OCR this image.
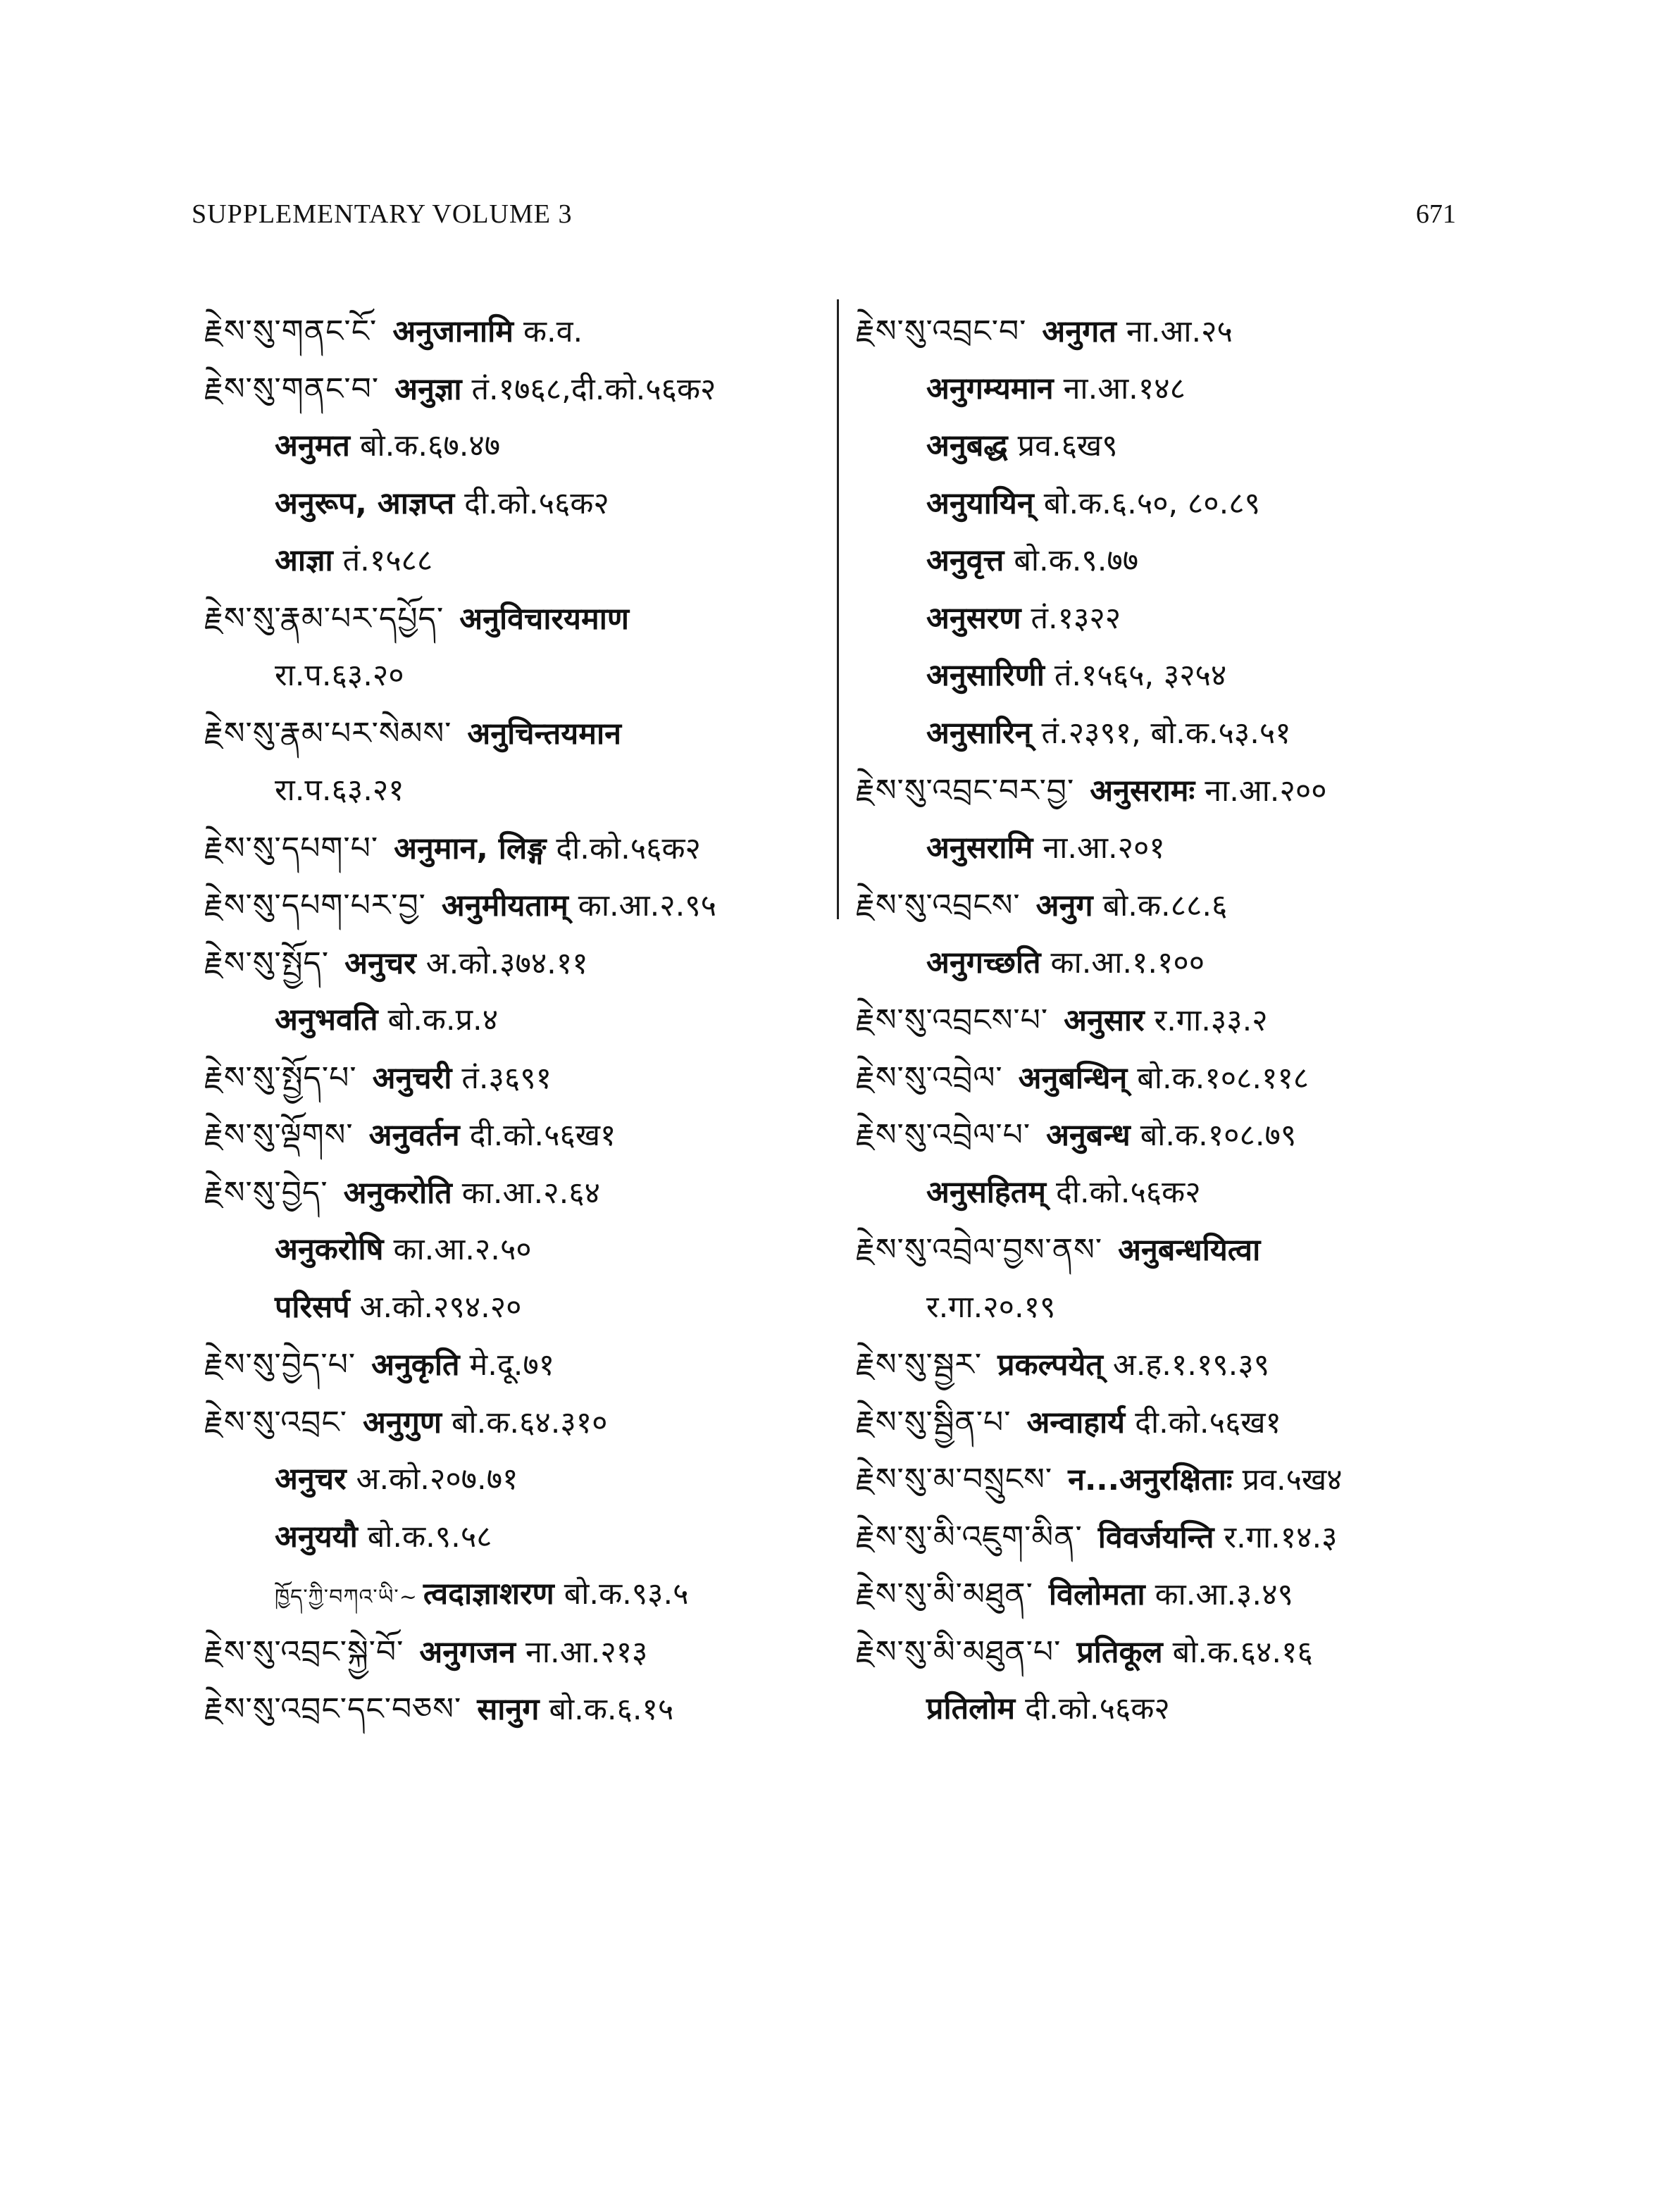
SUPPLEMENTARY VOLUME 3	671
རྗེས་སུ་གནང་ངོ་ अनुजानामि क.व.
རྗེས་སུ་གནང་བ་ अनुज्ञा तं.१७६८,दी.को.५६क२
अनुमत बो.क.६७.४७
अनुरूप, आज्ञप्त दी.को.५६क२
आज्ञा तं.१५८८
རྗེས་སུ་རྣམ་པར་དཔྱོད་ अनुविचारयमाण
रा.प.६३.२०
རྗེས་སུ་རྣམ་པར་སེམས་ अनुचिन्तयमान
रा.प.६३.२१
རྗེས་སུ་དཔག་པ་ अनुमान, लिङ्ग दी.को.५६क२
རྗེས་སུ་དཔག་པར་བྱ་ अनुमीयताम् का.आ.२.९५
རྗེས་སུ་སྤྱོད་ अनुचर अ.को.३७४.११
अनुभवति बो.क.प्र.४
རྗེས་སུ་སྤྱོད་པ་ अनुचरी तं.३६९१
རྗེས་སུ་ལྡོགས་ अनुवर्तन दी.को.५६ख१
རྗེས་སུ་བྱེད་ अनुकरोति का.आ.२.६४
अनुकरोषि का.आ.२.५०
परिसर्प अ.को.२९४.२०
རྗེས་སུ་བྱེད་པ་ अनुकृति मे.दू.७१
རྗེས་སུ་འབྲང་ अनुगुण बो.क.६४.३१०
अनुचर अ.को.२०७.७१
अनुययौ बो.क.९.५८
ཁྱོད་ཀྱི་བཀའ་ཡི་~ त्वदाज्ञाशरण बो.क.९३.५
རྗེས་སུ་འབྲང་སྐྱེ་བོ་ अनुगजन ना.आ.२१३
རྗེས་སུ་འབྲང་དང་བཅས་ सानुग बो.क.६.१५
རྗེས་སུ་འབྲང་བ་ अनुगत ना.आ.२५
अनुगम्यमान ना.आ.१४८
अनुबद्ध प्रव.६ख९
अनुयायिन् बो.क.६.५०, ८०.८९
अनुवृत्त बो.क.९.७७
अनुसरण तं.१३२२
अनुसारिणी तं.१५६५, ३२५४
अनुसारिन् तं.२३९१, बो.क.५३.५१
རྗེས་སུ་འབྲང་བར་བྱ་ अनुसरामः ना.आ.२००
अनुसरामि ना.आ.२०१
རྗེས་སུ་འབྲངས་ अनुग बो.क.८८.६
अनुगच्छति का.आ.१.१००
རྗེས་སུ་འབྲངས་པ་ अनुसार र.गा.३३.२
རྗེས་སུ་འབྲེལ་ अनुबन्धिन् बो.क.१०८.११८
རྗེས་སུ་འབྲེལ་པ་ अनुबन्ध बो.क.१०८.७९
अनुसहितम् दी.को.५६क२
རྗེས་སུ་འབྲེལ་བྱས་ནས་ अनुबन्धयित्वा
र.गा.२०.१९
རྗེས་སུ་སྦྱར་ प्रकल्पयेत् अ.ह.१.१९.३९
རྗེས་སུ་སྦྱིན་པ་ अन्वाहार्य दी.को.५६ख१
རྗེས་སུ་མ་བསྲུངས་ न...अनुरक्षिताः प्रव.५ख४
རྗེས་སུ་མི་འཇུག་མིན་ विवर्जयन्ति र.गा.१४.३
རྗེས་སུ་མི་མཐུན་ विलोमता का.आ.३.४९
རྗེས་སུ་མི་མཐུན་པ་ प्रतिकूल बो.क.६४.१६
प्रतिलोम दी.को.५६क२
